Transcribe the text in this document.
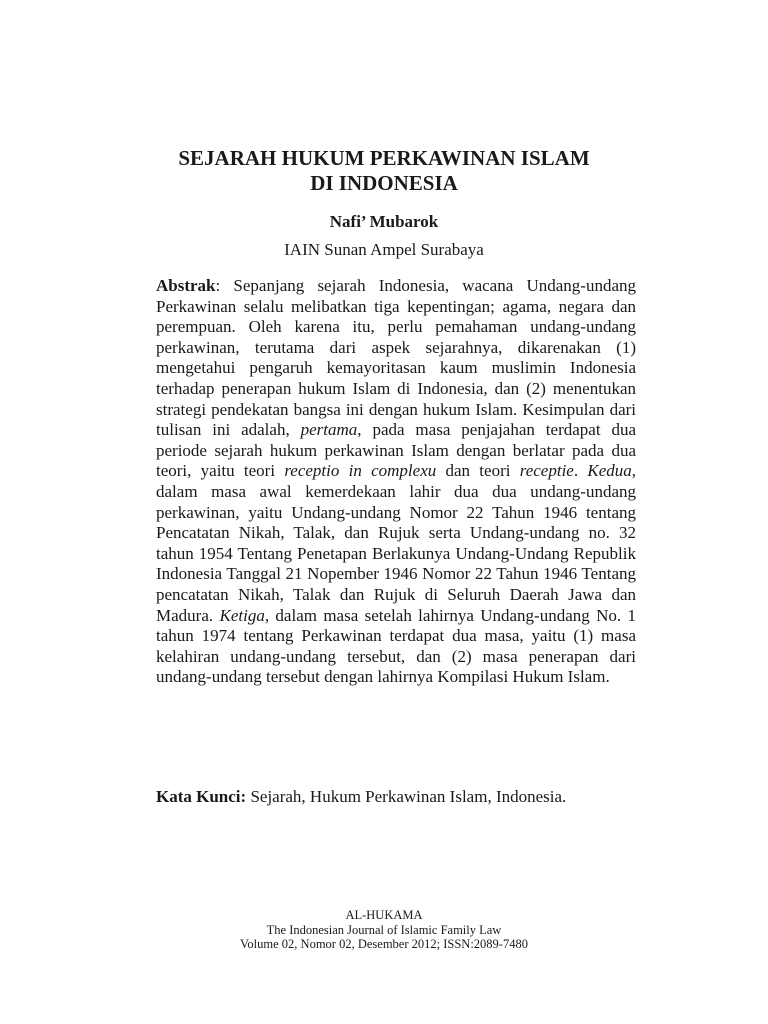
SEJARAH HUKUM PERKAWINAN ISLAM
DI INDONESIA
Nafi’ Mubarok
IAIN Sunan Ampel Surabaya

Abstrak: Sepanjang sejarah Indonesia, wacana Undang-undang Perkawinan selalu melibatkan tiga kepentingan; agama, negara dan perempuan. Oleh karena itu, perlu pemahaman undang-undang perkawinan, terutama dari aspek sejarahnya, dikarenakan (1) mengetahui pengaruh kemayoritasan kaum muslimin Indonesia terhadap penerapan hukum Islam di Indonesia, dan (2) menentukan strategi pendekatan bangsa ini dengan hukum Islam. Kesimpulan dari tulisan ini adalah, pertama, pada masa penjajahan terdapat dua periode sejarah hukum perkawinan Islam dengan berlatar pada dua teori, yaitu teori receptio in complexu dan teori receptie. Kedua, dalam masa awal kemerdekaan lahir dua dua undang-undang perkawinan, yaitu Undang-undang Nomor 22 Tahun 1946 tentang Pencatatan Nikah, Talak, dan Rujuk serta Undang-undang no. 32 tahun 1954 Tentang Penetapan Berlakunya Undang-Undang Republik Indonesia Tanggal 21 Nopember 1946 Nomor 22 Tahun 1946 Tentang pencatatan Nikah, Talak dan Rujuk di Seluruh Daerah Jawa dan Madura. Ketiga, dalam masa setelah lahirnya Undang-undang No. 1 tahun 1974 tentang Perkawinan terdapat dua masa, yaitu (1) masa kelahiran undang-undang tersebut, dan (2) masa penerapan dari undang-undang tersebut dengan lahirnya Kompilasi Hukum Islam.

Kata Kunci: Sejarah, Hukum Perkawinan Islam, Indonesia.

AL-HUKAMA
The Indonesian Journal of Islamic Family Law
Volume 02, Nomor 02, Desember 2012; ISSN:2089-7480
